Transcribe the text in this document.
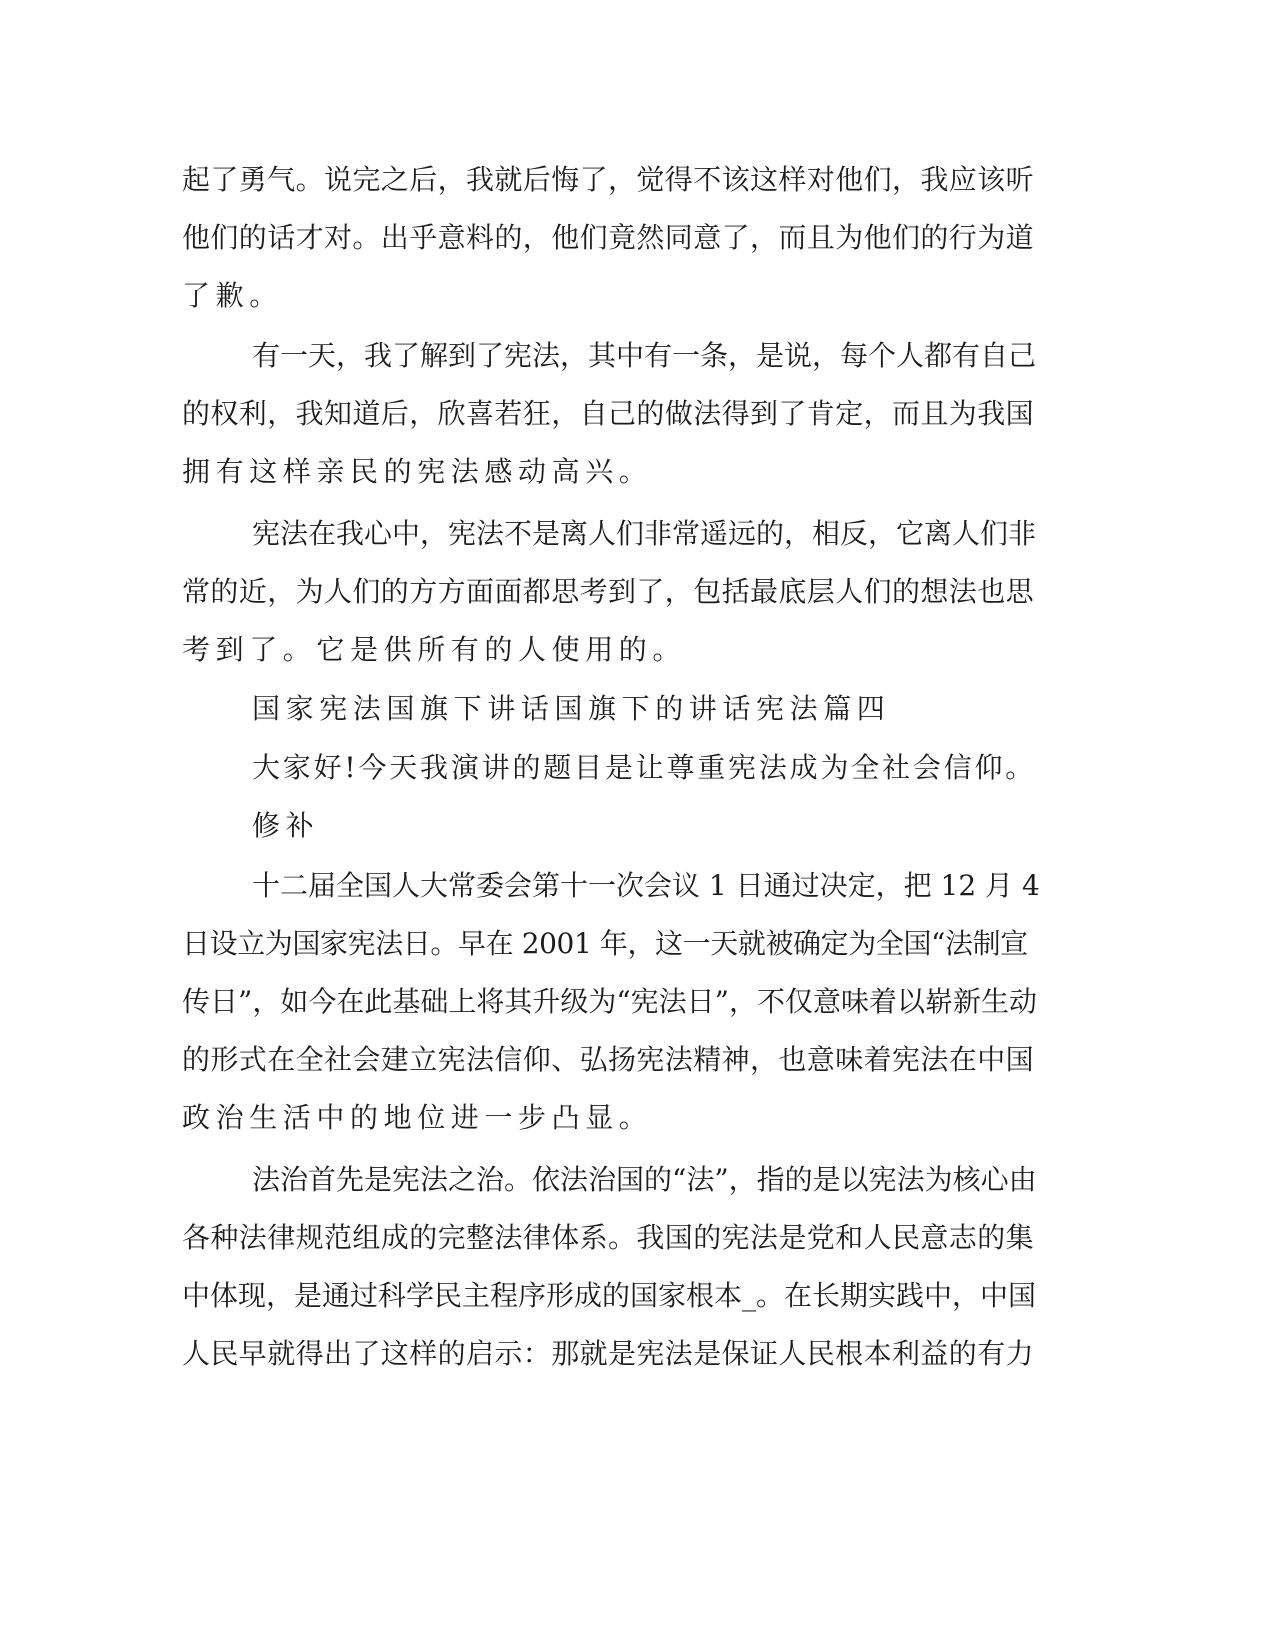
起了勇气。说完之后，我就后悔了，觉得不该这样对他们，我应该听

他们的话才对。出乎意料的，他们竟然同意了，而且为他们的行为道

了歉。

有一天，我了解到了宪法，其中有一条，是说，每个人都有自己

的权利，我知道后，欣喜若狂，自己的做法得到了肯定，而且为我国

拥有这样亲民的宪法感动高兴。

宪法在我心中，宪法不是离人们非常遥远的，相反，它离人们非

常的近，为人们的方方面面都思考到了，包括最底层人们的想法也思

考到了。它是供所有的人使用的。

国家宪法国旗下讲话国旗下的讲话宪法篇四

大家好!今天我演讲的题目是让尊重宪法成为全社会信仰。

修补

十二届全国人大常委会第十一次会议 1 日通过决定，把 12 月 4

日设立为国家宪法日。早在 2001 年，这一天就被确定为全国“法制宣

传日”，如今在此基础上将其升级为“宪法日”，不仅意味着以崭新生动

的形式在全社会建立宪法信仰、弘扬宪法精神，也意味着宪法在中国

政治生活中的地位进一步凸显。

法治首先是宪法之治。依法治国的“法”，指的是以宪法为核心由

各种法律规范组成的完整法律体系。我国的宪法是党和人民意志的集

中体现，是通过科学民主程序形成的国家根本_。在长期实践中，中国

人民早就得出了这样的启示：那就是宪法是保证人民根本利益的有力
